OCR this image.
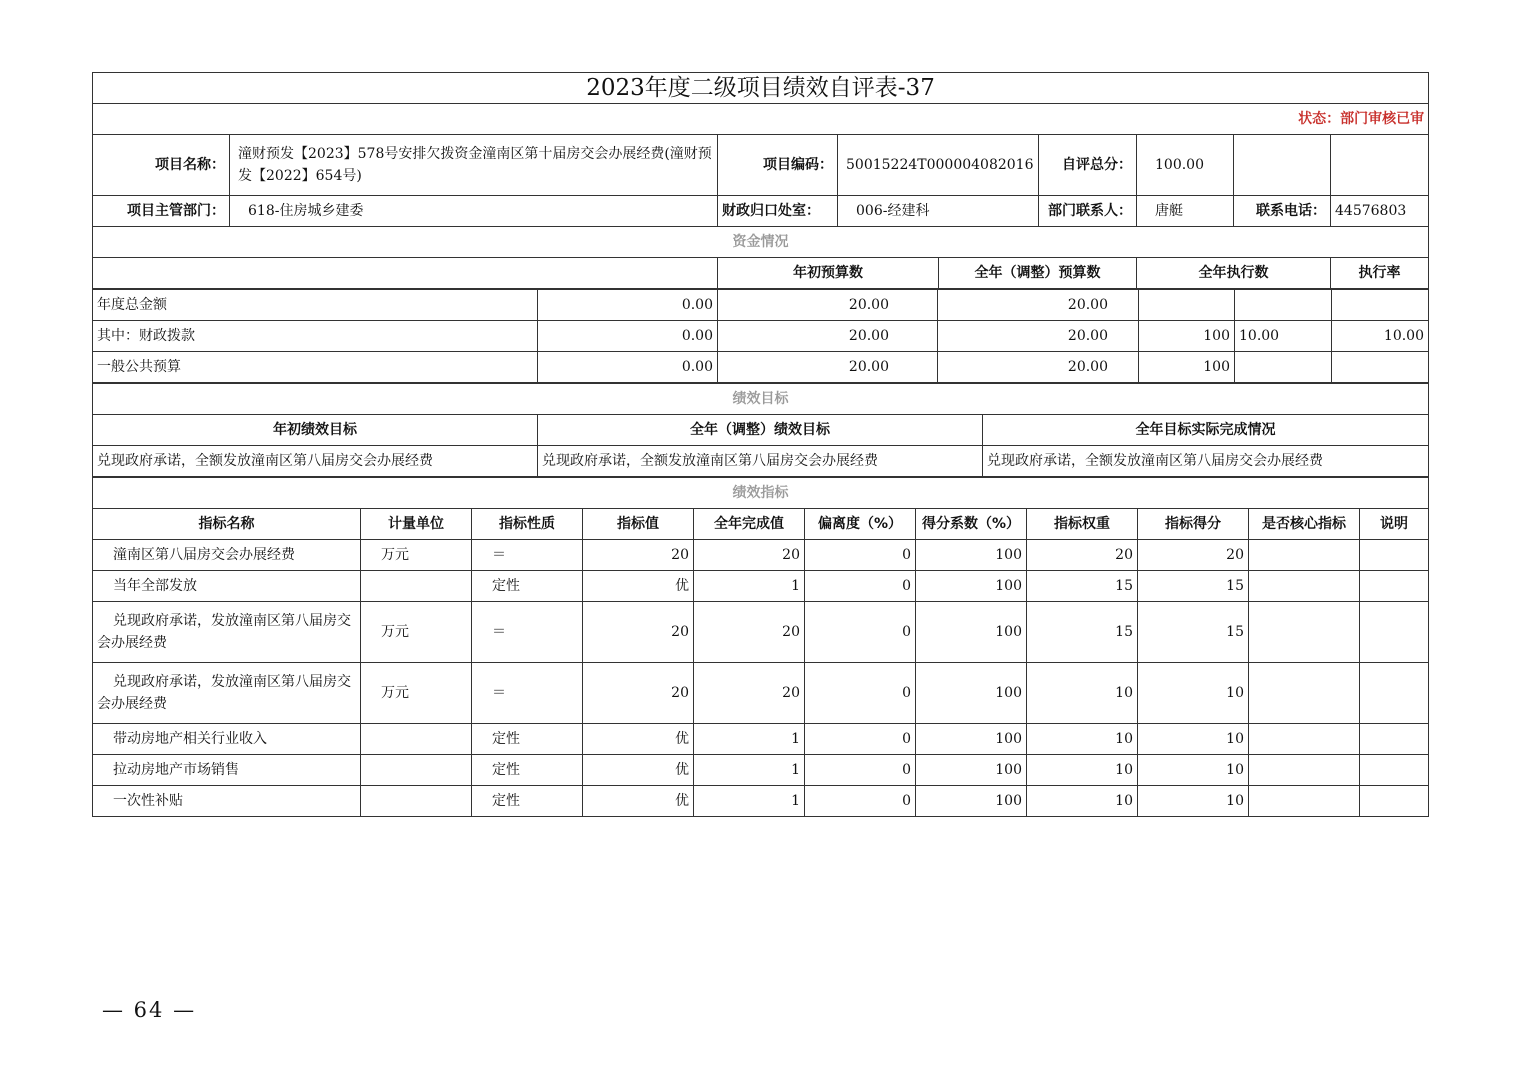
2023年度二级项目绩效自评表-37									
状态：部门审核已审									
项目名称：	潼财预发【2023】578号安排欠拨资金潼南区第十届房交会办展经费(潼财预发【2022】654号)	项目编码：	50015224T000004082016		自评总分：	100.00			
项目主管部门：	618-住房城乡建委	财政归口处室：	006-经建科		部门联系人：	唐艇	联系电话：	44576803	
资金情况									
		年初预算数		全年（调整）预算数		全年执行数		执行率		
年度总金额	0.00	20.00	20.00			
其中：财政拨款	0.00	20.00	20.00	100	10.00	10.00
一般公共预算	0.00	20.00	20.00	100		
绩效目标		
年初绩效目标	全年（调整）绩效目标	全年目标实际完成情况
兑现政府承诺，全额发放潼南区第八届房交会办展经费	兑现政府承诺，全额发放潼南区第八届房交会办展经费	兑现政府承诺，全额发放潼南区第八届房交会办展经费
绩效指标										
指标名称	计量单位	指标性质	指标值	全年完成值	偏离度（%）	得分系数（%）	指标权重	指标得分	是否核心指标	说明
潼南区第八届房交会办展经费	万元	＝	20	20	0	100	20	20		
当年全部发放		定性	优	1	0	100	15	15		
兑现政府承诺，发放潼南区第八届房交会办展经费	万元	＝	20	20	0	100	15	15		
兑现政府承诺，发放潼南区第八届房交会办展经费	万元	＝	20	20	0	100	10	10		
带动房地产相关行业收入		定性	优	1	0	100	10	10		
拉动房地产市场销售		定性	优	1	0	100	10	10		
一次性补贴		定性	优	1	0	100	10	10		
— 64 —
